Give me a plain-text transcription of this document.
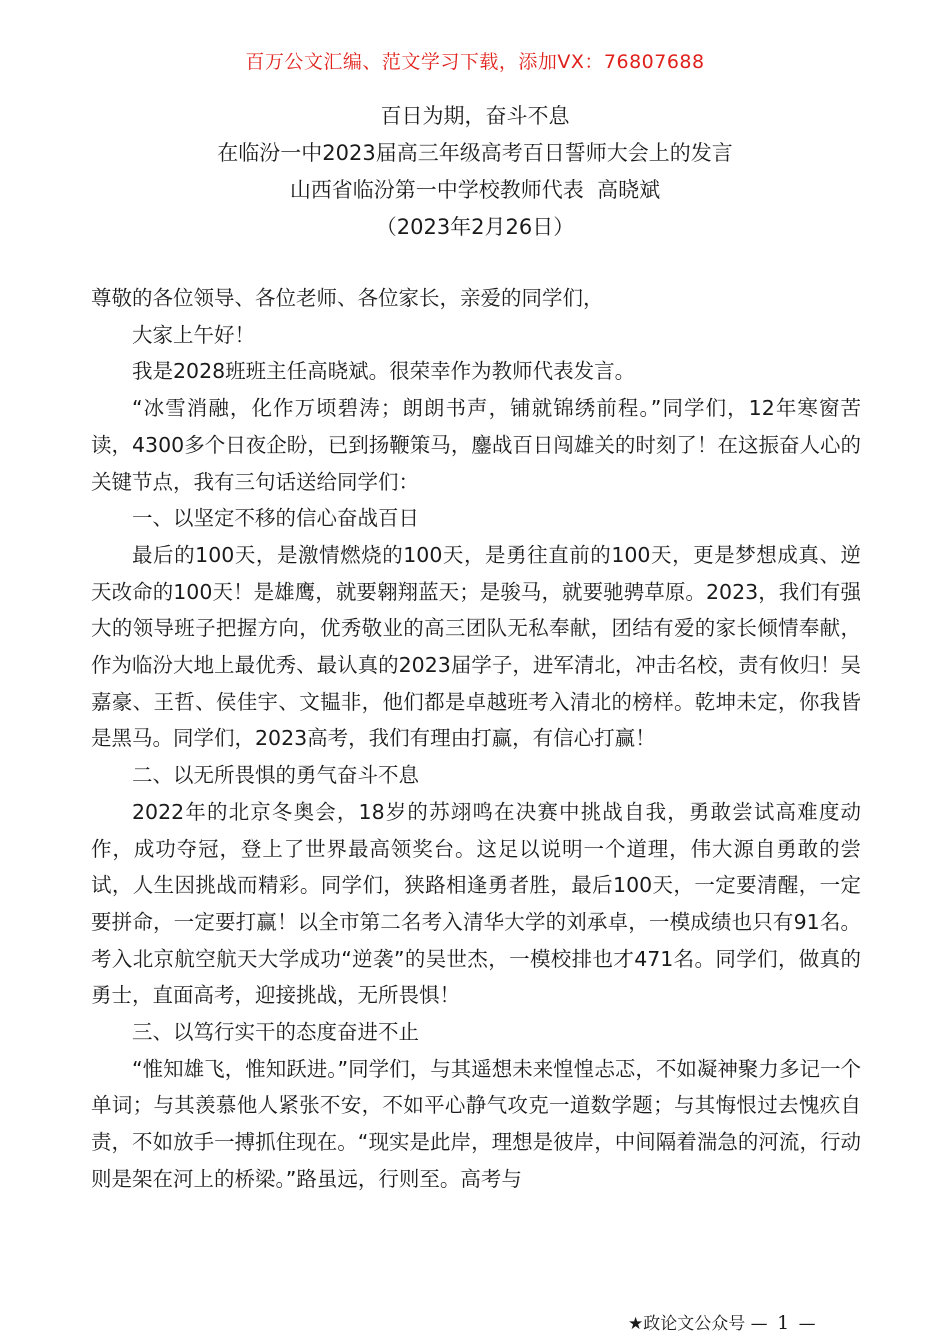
百万公文汇编、范文学习下载，添加VX：76807688
百日为期，奋斗不息
在临汾一中2023届高三年级高考百日誓师大会上的发言
山西省临汾第一中学校教师代表  高晓斌
（2023年2月26日）

尊敬的各位领导、各位老师、各位家长，亲爱的同学们，

大家上午好！

我是2028班班主任高晓斌。很荣幸作为教师代表发言。

“冰雪消融，化作万顷碧涛；朗朗书声，铺就锦绣前程。”同学们，12年寒窗苦读，4300多个日夜企盼，已到扬鞭策马，鏖战百日闯雄关的时刻了！在这振奋人心的关键节点，我有三句话送给同学们：

一、以坚定不移的信心奋战百日

最后的100天，是激情燃烧的100天，是勇往直前的100天，更是梦想成真、逆天改命的100天！是雄鹰，就要翱翔蓝天；是骏马，就要驰骋草原。2023，我们有强大的领导班子把握方向，优秀敬业的高三团队无私奉献，团结有爱的家长倾情奉献，作为临汾大地上最优秀、最认真的2023届学子，进军清北，冲击名校，责有攸归！吴嘉豪、王哲、侯佳宇、文韫非，他们都是卓越班考入清北的榜样。乾坤未定，你我皆是黑马。同学们，2023高考，我们有理由打赢，有信心打赢！

二、以无所畏惧的勇气奋斗不息

2022年的北京冬奥会，18岁的苏翊鸣在决赛中挑战自我，勇敢尝试高难度动作，成功夺冠，登上了世界最高领奖台。这足以说明一个道理，伟大源自勇敢的尝试，人生因挑战而精彩。同学们，狭路相逢勇者胜，最后100天，一定要清醒，一定要拼命，一定要打赢！以全市第二名考入清华大学的刘承卓，一模成绩也只有91名。考入北京航空航天大学成功“逆袭”的吴世杰，一模校排也才471名。同学们，做真的勇士，直面高考，迎接挑战，无所畏惧！

三、以笃行实干的态度奋进不止

“惟知雄飞，惟知跃进。”同学们，与其遥想未来惶惶忐忑，不如凝神聚力多记一个单词；与其羡慕他人紧张不安，不如平心静气攻克一道数学题；与其悔恨过去愧疚自责，不如放手一搏抓住现在。“现实是此岸，理想是彼岸，中间隔着湍急的河流，行动则是架在河上的桥梁。”路虽远，行则至。高考与

★政论文公众号 — 1 —
